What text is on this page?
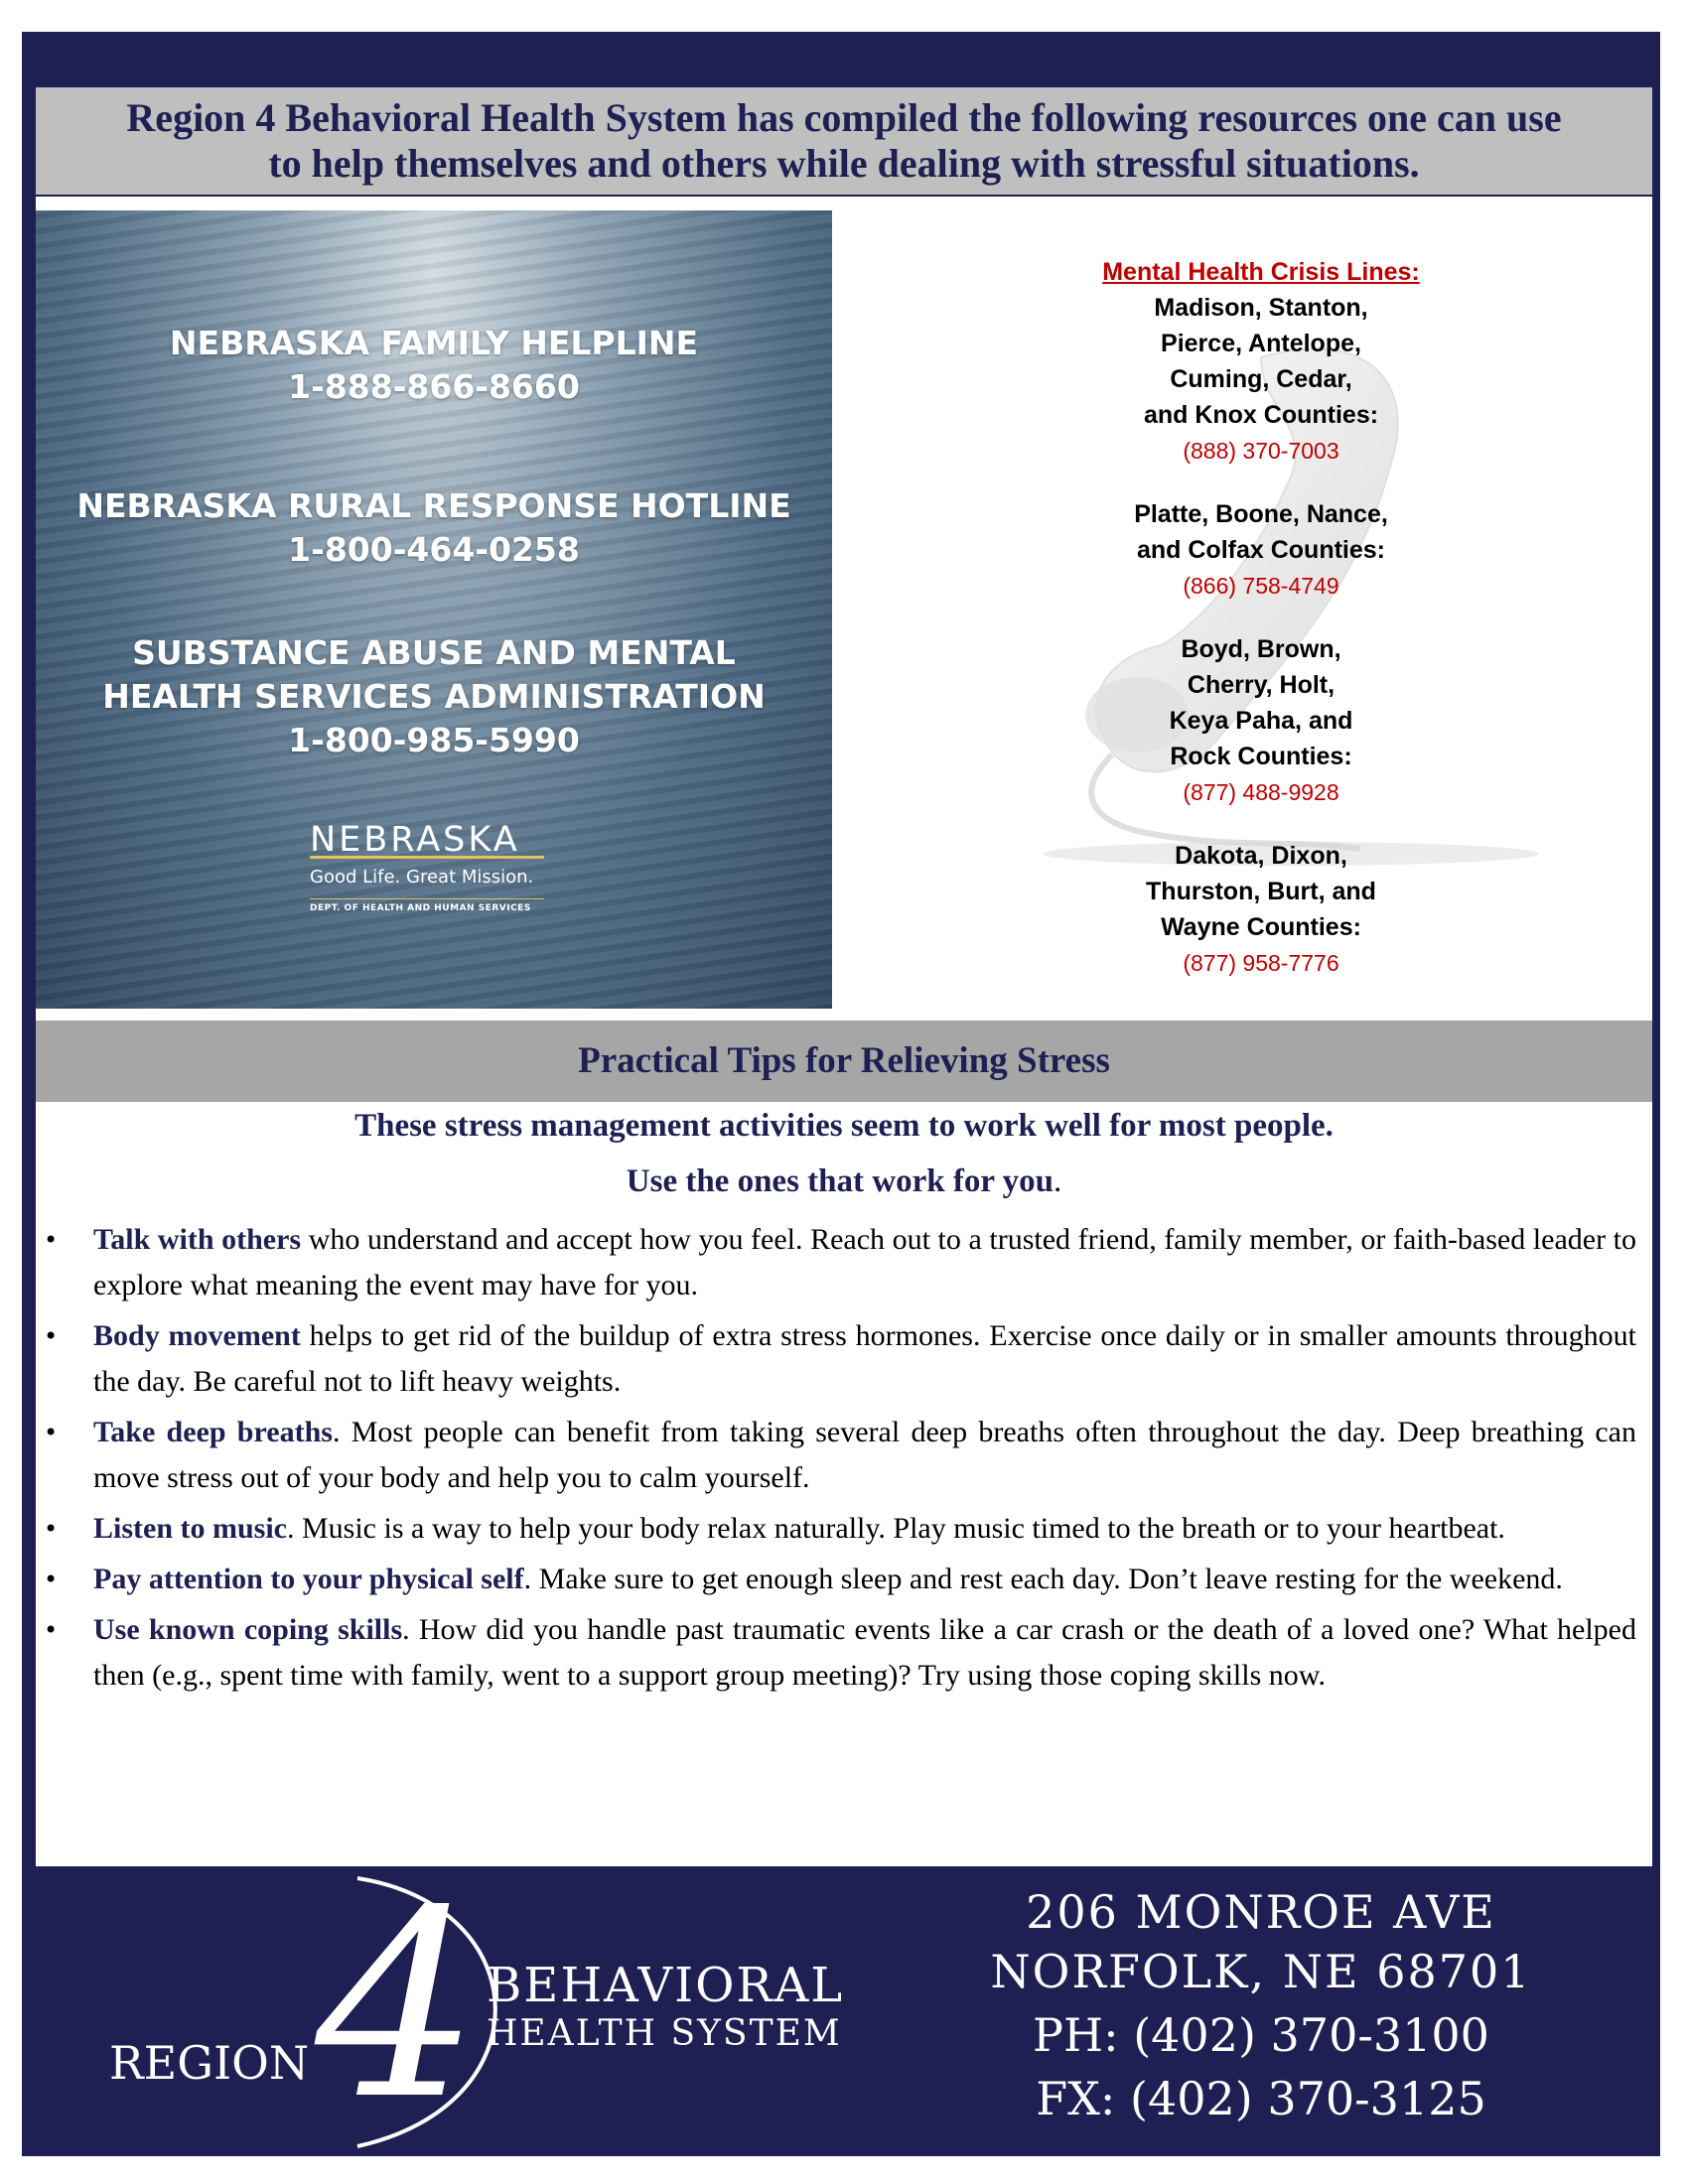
Region 4 Behavioral Health System has compiled the following resources one can use
to help themselves and others while dealing with stressful situations.
NEBRASKA FAMILY HELPLINE
1-888-866-8660
NEBRASKA RURAL RESPONSE HOTLINE
1-800-464-0258
SUBSTANCE ABUSE AND MENTAL
HEALTH SERVICES ADMINISTRATION
1-800-985-5990
NEBRASKA
Good Life. Great Mission.
DEPT. OF HEALTH AND HUMAN SERVICES
Mental Health Crisis Lines:
Madison, Stanton,
Pierce, Antelope,
Cuming, Cedar,
and Knox Counties:
(888) 370-7003
Platte, Boone, Nance,
and Colfax Counties:
(866) 758-4749
Boyd, Brown,
Cherry, Holt,
Keya Paha, and
Rock Counties:
(877) 488-9928
Dakota, Dixon,
Thurston, Burt, and
Wayne Counties:
(877) 958-7776
Practical Tips for Relieving Stress
These stress management activities seem to work well for most people.
Use the ones that work for you.
• Talk with others who understand and accept how you feel. Reach out to a trusted friend, family member, or faith-based leader to explore what meaning the event may have for you.
• Body movement helps to get rid of the buildup of extra stress hormones. Exercise once daily or in smaller amounts throughout the day. Be careful not to lift heavy weights.
• Take deep breaths. Most people can benefit from taking several deep breaths often throughout the day. Deep breathing can move stress out of your body and help you to calm yourself.
• Listen to music. Music is a way to help your body relax naturally. Play music timed to the breath or to your heartbeat.
• Pay attention to your physical self. Make sure to get enough sleep and rest each day. Don’t leave resting for the weekend.
• Use known coping skills. How did you handle past traumatic events like a car crash or the death of a loved one? What helped then (e.g., spent time with family, went to a support group meeting)? Try using those coping skills now.
4
REGION
BEHAVIORAL
HEALTH SYSTEM
206 MONROE AVE
NORFOLK, NE 68701
PH: (402) 370-3100
FX: (402) 370-3125
